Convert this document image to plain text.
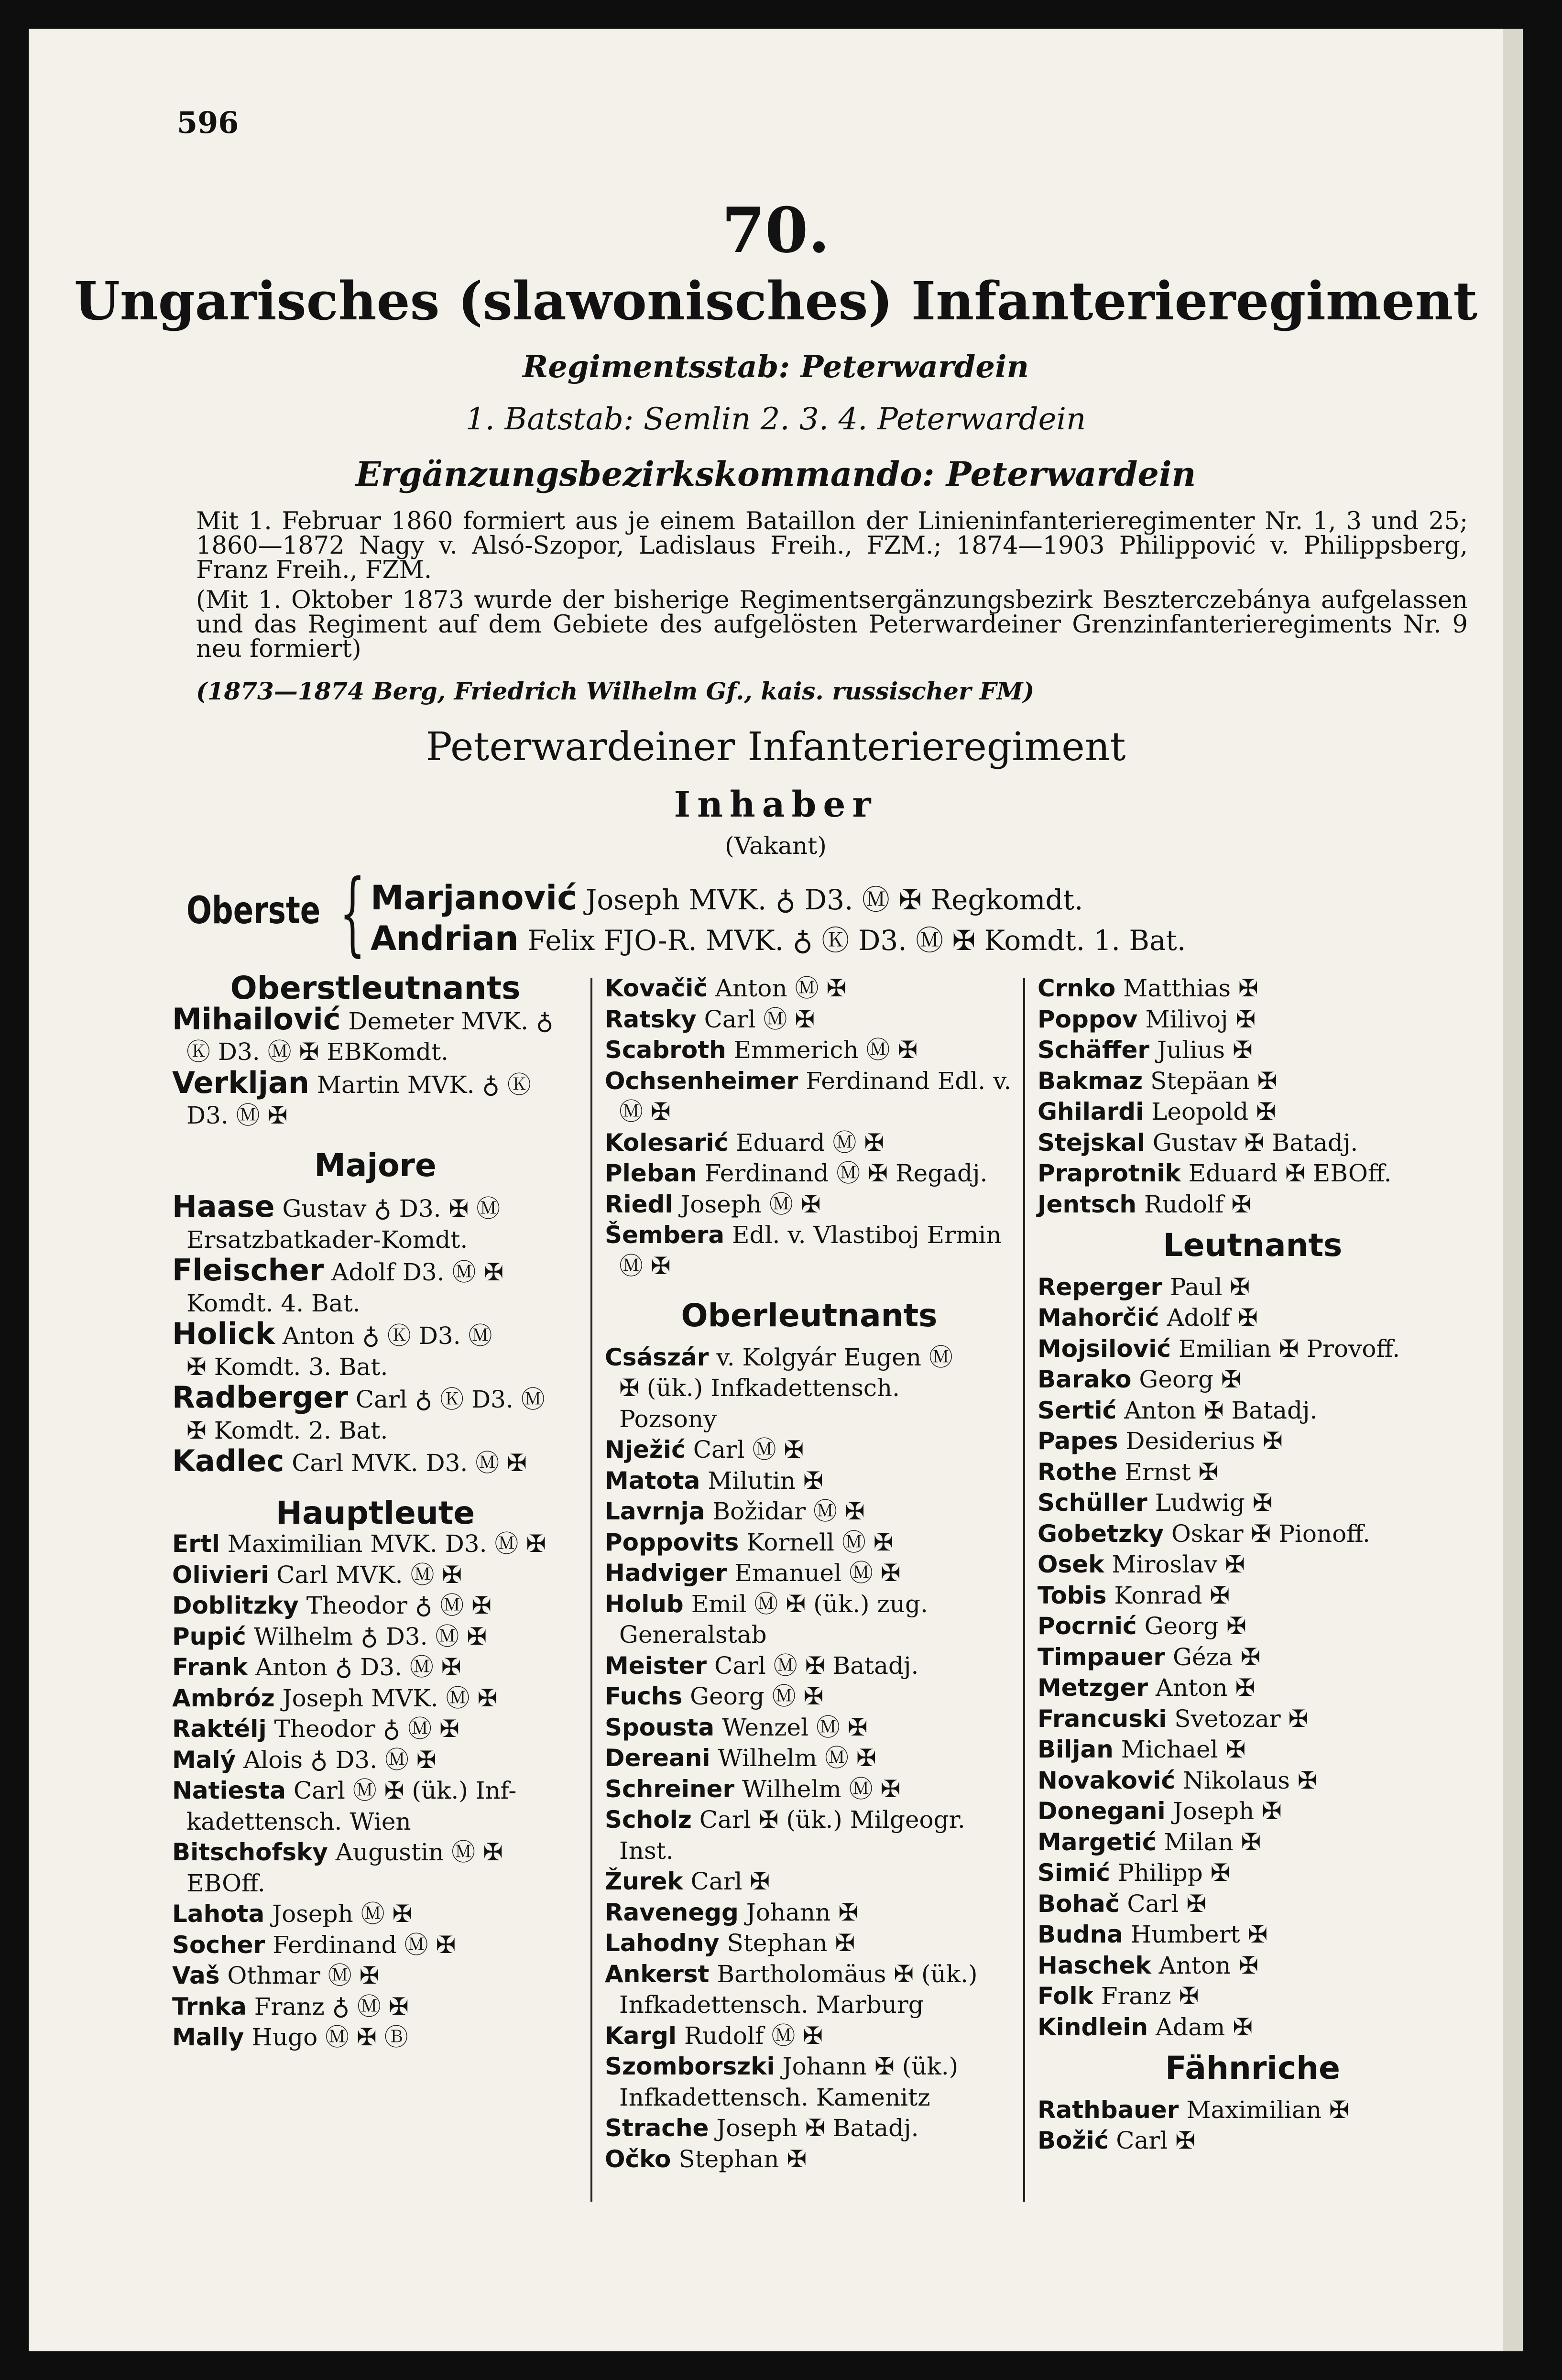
596
70.
Ungarisches (slawonisches) Infanterieregiment
Regimentsstab: Peterwardein
1. Batstab: Semlin 2. 3. 4. Peterwardein
Ergänzungsbezirkskommando: Peterwardein
Mit 1. Februar 1860 formiert aus je einem Bataillon der Linieninfanterieregimenter Nr. 1, 3 und 25; 1860—1872 Nagy v. Alsó-Szopor, Ladislaus Freih., FZM.; 1874—1903 Philippović v. Philippsberg, Franz Freih., FZM.
(Mit 1. Oktober 1873 wurde der bisherige Regimentsergänzungsbezirk Beszterczebánya aufgelassen und das Regiment auf dem Gebiete des aufgelösten Peterwardeiner Grenzinfanterieregiments Nr. 9 neu formiert)
(1873—1874 Berg, Friedrich Wilhelm Gf., kais. russischer FM)
Peterwardeiner Infanterieregiment
Inhaber
(Vakant)
Oberste { Marjanović Joseph MVK. ♁ D3. Ⓜ ✠ Regkomdt.
Andrian Felix FJO-R. MVK. ♁ Ⓚ D3. Ⓜ ✠ Komdt. 1. Bat.
Oberstleutnants
Mihailović Demeter MVK. ♁
Ⓚ D3. Ⓜ ✠ EBKomdt.
Verkljan Martin MVK. ♁ Ⓚ
D3. Ⓜ ✠
Majore
Haase Gustav ♁ D3. ✠ Ⓜ
Ersatzbatkader-Komdt.
Fleischer Adolf D3. Ⓜ ✠
Komdt. 4. Bat.
Holick Anton ♁ Ⓚ D3. Ⓜ
✠ Komdt. 3. Bat.
Radberger Carl ♁ Ⓚ D3. Ⓜ
✠ Komdt. 2. Bat.
Kadlec Carl MVK. D3. Ⓜ ✠
Hauptleute
Ertl Maximilian MVK. D3. Ⓜ ✠
Olivieri Carl MVK. Ⓜ ✠
Doblitzky Theodor ♁ Ⓜ ✠
Pupić Wilhelm ♁ D3. Ⓜ ✠
Frank Anton ♁ D3. Ⓜ ✠
Ambróz Joseph MVK. Ⓜ ✠
Raktélj Theodor ♁ Ⓜ ✠
Malý Alois ♁ D3. Ⓜ ✠
Natiesta Carl Ⓜ ✠ (ük.) Inf-
kadettensch. Wien
Bitschofsky Augustin Ⓜ ✠
EBOff.
Lahota Joseph Ⓜ ✠
Socher Ferdinand Ⓜ ✠
Vaš Othmar Ⓜ ✠
Trnka Franz ♁ Ⓜ ✠
Mally Hugo Ⓜ ✠ Ⓑ
Kovačič Anton Ⓜ ✠
Ratsky Carl Ⓜ ✠
Scabroth Emmerich Ⓜ ✠
Ochsenheimer Ferdinand Edl. v.
Ⓜ ✠
Kolesarić Eduard Ⓜ ✠
Pleban Ferdinand Ⓜ ✠ Regadj.
Riedl Joseph Ⓜ ✠
Šembera Edl. v. Vlastiboj Ermin
Ⓜ ✠
Oberleutnants
Császár v. Kolgyár Eugen Ⓜ
✠ (ük.) Infkadettensch.
Pozsony
Nježić Carl Ⓜ ✠
Matota Milutin ✠
Lavrnja Božidar Ⓜ ✠
Poppovits Kornell Ⓜ ✠
Hadviger Emanuel Ⓜ ✠
Holub Emil Ⓜ ✠ (ük.) zug.
Generalstab
Meister Carl Ⓜ ✠ Batadj.
Fuchs Georg Ⓜ ✠
Spousta Wenzel Ⓜ ✠
Dereani Wilhelm Ⓜ ✠
Schreiner Wilhelm Ⓜ ✠
Scholz Carl ✠ (ük.) Milgeogr.
Inst.
Žurek Carl ✠
Ravenegg Johann ✠
Lahodny Stephan ✠
Ankerst Bartholomäus ✠ (ük.)
Infkadettensch. Marburg
Kargl Rudolf Ⓜ ✠
Szomborszki Johann ✠ (ük.)
Infkadettensch. Kamenitz
Strache Joseph ✠ Batadj.
Očko Stephan ✠
Crnko Matthias ✠
Poppov Milivoj ✠
Schäffer Julius ✠
Bakmaz Stepäan ✠
Ghilardi Leopold ✠
Stejskal Gustav ✠ Batadj.
Praprotnik Eduard ✠ EBOff.
Jentsch Rudolf ✠
Leutnants
Reperger Paul ✠
Mahorčić Adolf ✠
Mojsilović Emilian ✠ Provoff.
Barako Georg ✠
Sertić Anton ✠ Batadj.
Papes Desiderius ✠
Rothe Ernst ✠
Schüller Ludwig ✠
Gobetzky Oskar ✠ Pionoff.
Osek Miroslav ✠
Tobis Konrad ✠
Pocrnić Georg ✠
Timpauer Géza ✠
Metzger Anton ✠
Francuski Svetozar ✠
Biljan Michael ✠
Novaković Nikolaus ✠
Donegani Joseph ✠
Margetić Milan ✠
Simić Philipp ✠
Bohač Carl ✠
Budna Humbert ✠
Haschek Anton ✠
Folk Franz ✠
Kindlein Adam ✠
Fähnriche
Rathbauer Maximilian ✠
Božić Carl ✠
